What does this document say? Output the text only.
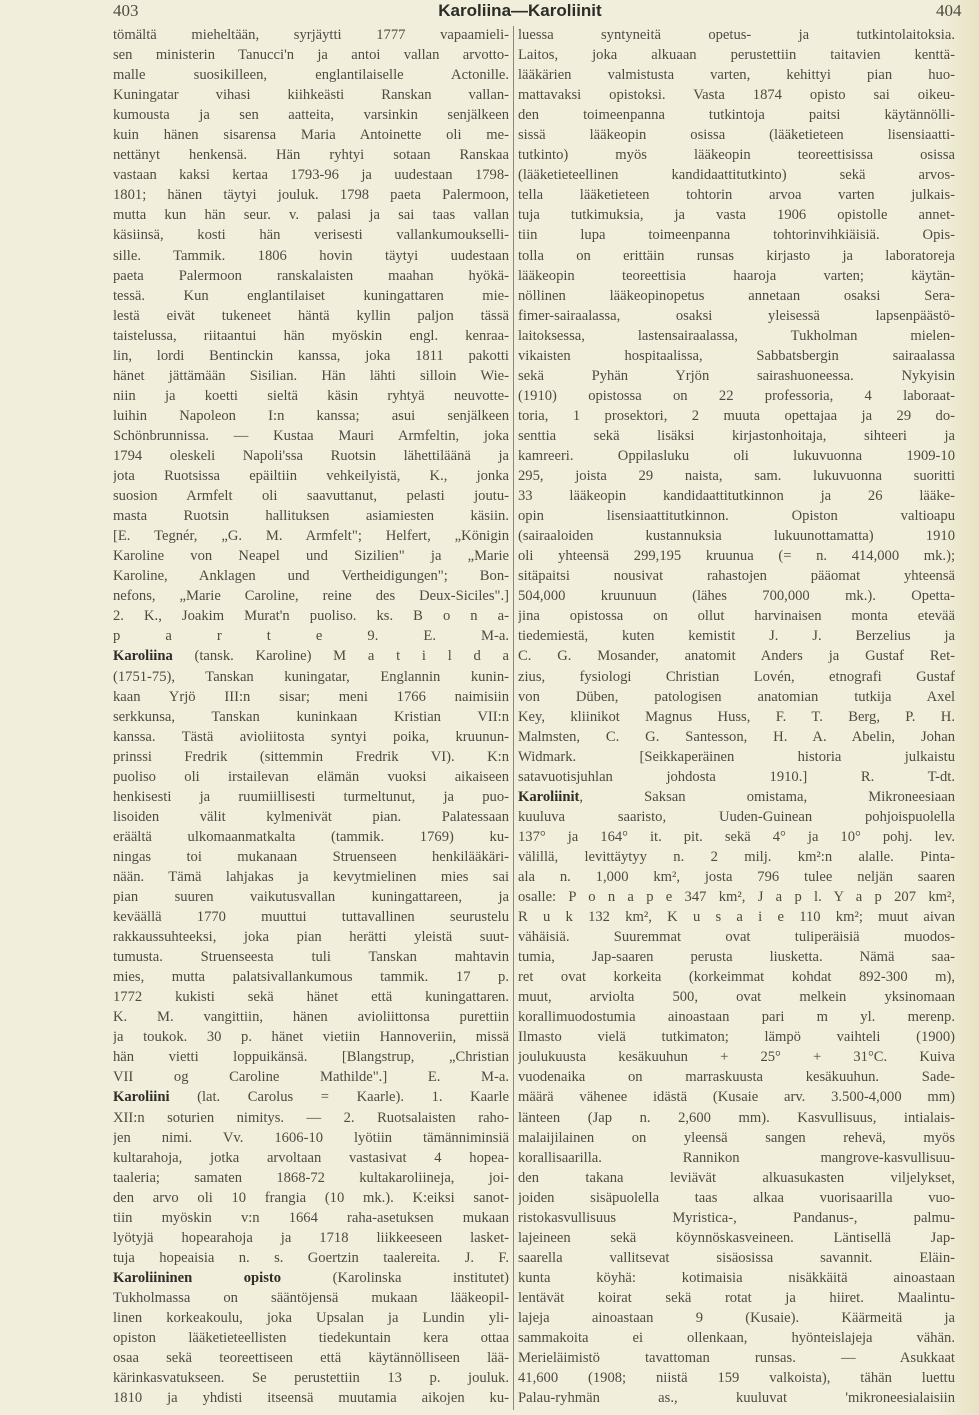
403	Karoliina—Karoliinit	404
tömältä mieheltään, syrjäytti 1777 vapaamieli-
sen ministerin Tanucci'n ja antoi vallan arvotto-
malle suosikilleen, englantilaiselle Actonille.
Kuningatar vihasi kiihkeästi Ranskan vallan-
kumousta ja sen aatteita, varsinkin senjälkeen
kuin hänen sisarensa Maria Antoinette oli me-
nettänyt henkensä. Hän ryhtyi sotaan Ranskaa
vastaan kaksi kertaa 1793-96 ja uudestaan 1798-
1801; hänen täytyi jouluk. 1798 paeta Palermoon,
mutta kun hän seur. v. palasi ja sai taas vallan
käsiinsä, kosti hän verisesti vallankumoukselli-
sille. Tammik. 1806 hovin täytyi uudestaan
paeta Palermoon ranskalaisten maahan hyökä-
tessä. Kun englantilaiset kuningattaren mie-
lestä eivät tukeneet häntä kyllin paljon tässä
taistelussa, riitaantui hän myöskin engl. kenraa-
lin, lordi Bentinckin kanssa, joka 1811 pakotti
hänet jättämään Sisilian. Hän lähti silloin Wie-
niin ja koetti sieltä käsin ryhtyä neuvotte-
luihin Napoleon I:n kanssa; asui senjälkeen
Schönbrunnissa. — Kustaa Mauri Armfeltin, joka
1794 oleskeli Napoli'ssa Ruotsin lähettiläänä ja
jota Ruotsissa epäiltiin vehkeilyistä, K., jonka
suosion Armfelt oli saavuttanut, pelasti joutu-
masta Ruotsin hallituksen asiamiesten käsiin.
[E. Tegnér, „G. M. Armfelt"; Helfert, „Königin
Karoline von Neapel und Sizilien" ja „Marie
Karoline, Anklagen und Vertheidigungen"; Bon-
nefons, „Marie Caroline, reine des Deux-Siciles".]
2. K., Joakim Murat'n puoliso. ks. B o n a-
p a r t e 9. E. M-a.
Karoliina (tansk. Karoline) M a t i l d a
(1751-75), Tanskan kuningatar, Englannin kunin-
kaan Yrjö III:n sisar; meni 1766 naimisiin
serkkunsa, Tanskan kuninkaan Kristian VII:n
kanssa. Tästä avioliitosta syntyi poika, kruunun-
prinssi Fredrik (sittemmin Fredrik VI). K:n
puoliso oli irstailevan elämän vuoksi aikaiseen
henkisesti ja ruumiillisesti turmeltunut, ja puo-
lisoiden välit kylmenivät pian. Palatessaan
eräältä ulkomaanmatkalta (tammik. 1769) ku-
ningas toi mukanaan Struenseen henkilääkäri-
nään. Tämä lahjakas ja kevytmielinen mies sai
pian suuren vaikutusvallan kuningattareen, ja
keväällä 1770 muuttui tuttavallinen seurustelu
rakkaussuhteeksi, joka pian herätti yleistä suut-
tumusta. Struenseesta tuli Tanskan mahtavin
mies, mutta palatsivallankumous tammik. 17 p.
1772 kukisti sekä hänet että kuningattaren.
K. M. vangittiin, hänen avioliittonsa purettiin
ja toukok. 30 p. hänet vietiin Hannoveriin, missä
hän vietti loppuikänsä. [Blangstrup, „Christian
VII og Caroline Mathilde".] E. M-a.
Karoliini (lat. Carolus = Kaarle). 1. Kaarle
XII:n soturien nimitys. — 2. Ruotsalaisten raho-
jen nimi. Vv. 1606-10 lyötiin tämänniminsiä
kultarahoja, jotka arvoltaan vastasivat 4 hopea-
taaleria; samaten 1868-72 kultakaroliineja, joi-
den arvo oli 10 frangia (10 mk.). K:eiksi sanot-
tiin myöskin v:n 1664 raha-asetuksen mukaan
lyötyjä hopearahoja ja 1718 liikkeeseen lasket-
tuja hopeaisia n. s. Goertzin taalereita. J. F.
Karoliininen opisto (Karolinska institutet)
Tukholmassa on sääntöjensä mukaan lääkeopil-
linen korkeakoulu, joka Upsalan ja Lundin yli-
opiston lääketieteellisten tiedekuntain kera ottaa
osaa sekä teoreettiseen että käytännölliseen lää-
kärinkasvatukseen. Se perustettiin 13 p. jouluk.
1810 ja yhdisti itseensä muutamia aikojen ku-
luessa syntyneitä opetus- ja tutkintolaitoksia.
Laitos, joka alkuaan perustettiin taitavien kenttä-
lääkärien valmistusta varten, kehittyi pian huo-
mattavaksi opistoksi. Vasta 1874 opisto sai oikeu-
den toimeenpanna tutkintoja paitsi käytännölli-
sissä lääkeopin osissa (lääketieteen lisensiaatti-
tutkinto) myös lääkeopin teoreettisissa osissa
(lääketieteellinen kandidaattitutkinto) sekä arvos-
tella lääketieteen tohtorin arvoa varten julkais-
tuja tutkimuksia, ja vasta 1906 opistolle annet-
tiin lupa toimeenpanna tohtorinvihkiäisiä. Opis-
tolla on erittäin runsas kirjasto ja laboratoreja
lääkeopin teoreettisia haaroja varten; käytän-
nöllinen lääkeopinopetus annetaan osaksi Sera-
fimer-sairaalassa, osaksi yleisessä lapsenpäästö-
laitoksessa, lastensairaalassa, Tukholman mielen-
vikaisten hospitaalissa, Sabbatsbergin sairaalassa
sekä Pyhän Yrjön sairashuoneessa. Nykyisin
(1910) opistossa on 22 professoria, 4 laboraat-
toria, 1 prosektori, 2 muuta opettajaa ja 29 do-
senttia sekä lisäksi kirjastonhoitaja, sihteeri ja
kamreeri. Oppilasluku oli lukuvuonna 1909-10
295, joista 29 naista, sam. lukuvuonna suoritti
33 lääkeopin kandidaattitutkinnon ja 26 lääke-
opin lisensiaattitutkinnon. Opiston valtioapu
(sairaaloiden kustannuksia lukuunottamatta) 1910
oli yhteensä 299,195 kruunua (= n. 414,000 mk.);
sitäpaitsi nousivat rahastojen pääomat yhteensä
504,000 kruunuun (lähes 700,000 mk.). Opetta-
jina opistossa on ollut harvinaisen monta etevää
tiedemiestä, kuten kemistit J. J. Berzelius ja
C. G. Mosander, anatomit Anders ja Gustaf Ret-
zius, fysiologi Christian Lovén, etnografi Gustaf
von Düben, patologisen anatomian tutkija Axel
Key, kliinikot Magnus Huss, F. T. Berg, P. H.
Malmsten, C. G. Santesson, H. A. Abelin, Johan
Widmark. [Seikkaperäinen historia julkaistu
satavuotisjuhlan johdosta 1910.] R. T-dt.
Karoliinit, Saksan omistama, Mikroneesiaan
kuuluva saaristo, Uuden-Guinean pohjoispuolella
137° ja 164° it. pit. sekä 4° ja 10° pohj. lev.
välillä, levittäytyy n. 2 milj. km²:n alalle. Pinta-
ala n. 1,000 km², josta 796 tulee neljän saaren
osalle: P o n a p e 347 km², J a p l. Y a p 207 km²,
R u k 132 km², K u s a i e 110 km²; muut aivan
vähäisiä. Suuremmat ovat tuliperäisiä muodos-
tumia, Jap-saaren perusta liusketta. Nämä saa-
ret ovat korkeita (korkeimmat kohdat 892-300 m),
muut, arviolta 500, ovat melkein yksinomaan
korallimuodostumia ainoastaan pari m yl. merenp.
Ilmasto vielä tutkimaton; lämpö vaihteli (1900)
joulukuusta kesäkuuhun + 25° + 31°C. Kuiva
vuodenaika on marraskuusta kesäkuuhun. Sade-
määrä vähenee idästä (Kusaie arv. 3.500-4,000 mm)
länteen (Jap n. 2,600 mm). Kasvullisuus, intialais-
malaijilainen on yleensä sangen rehevä, myös
korallisaarilla. Rannikon mangrove-kasvullisuu-
den takana leviävät alkuasukasten viljelykset,
joiden sisäpuolella taas alkaa vuorisaarilla vuo-
ristokasvullisuus Myristica-, Pandanus-, palmu-
lajeineen sekä köynnöskasveineen. Läntisellä Jap-
saarella vallitsevat sisäosissa savannit. Eläin-
kunta köyhä: kotimaisia nisäkkäitä ainoastaan
lentävät koirat sekä rotat ja hiiret. Maalintu-
lajeja ainoastaan 9 (Kusaie). Käärmeitä ja
sammakoita ei ollenkaan, hyönteislajeja vähän.
Merieläimistö tavattoman runsas. — Asukkaat
41,600 (1908; niistä 159 valkoista), tähän luettu
Palau-ryhmän as., kuuluvat 'mikroneesialaisiin
